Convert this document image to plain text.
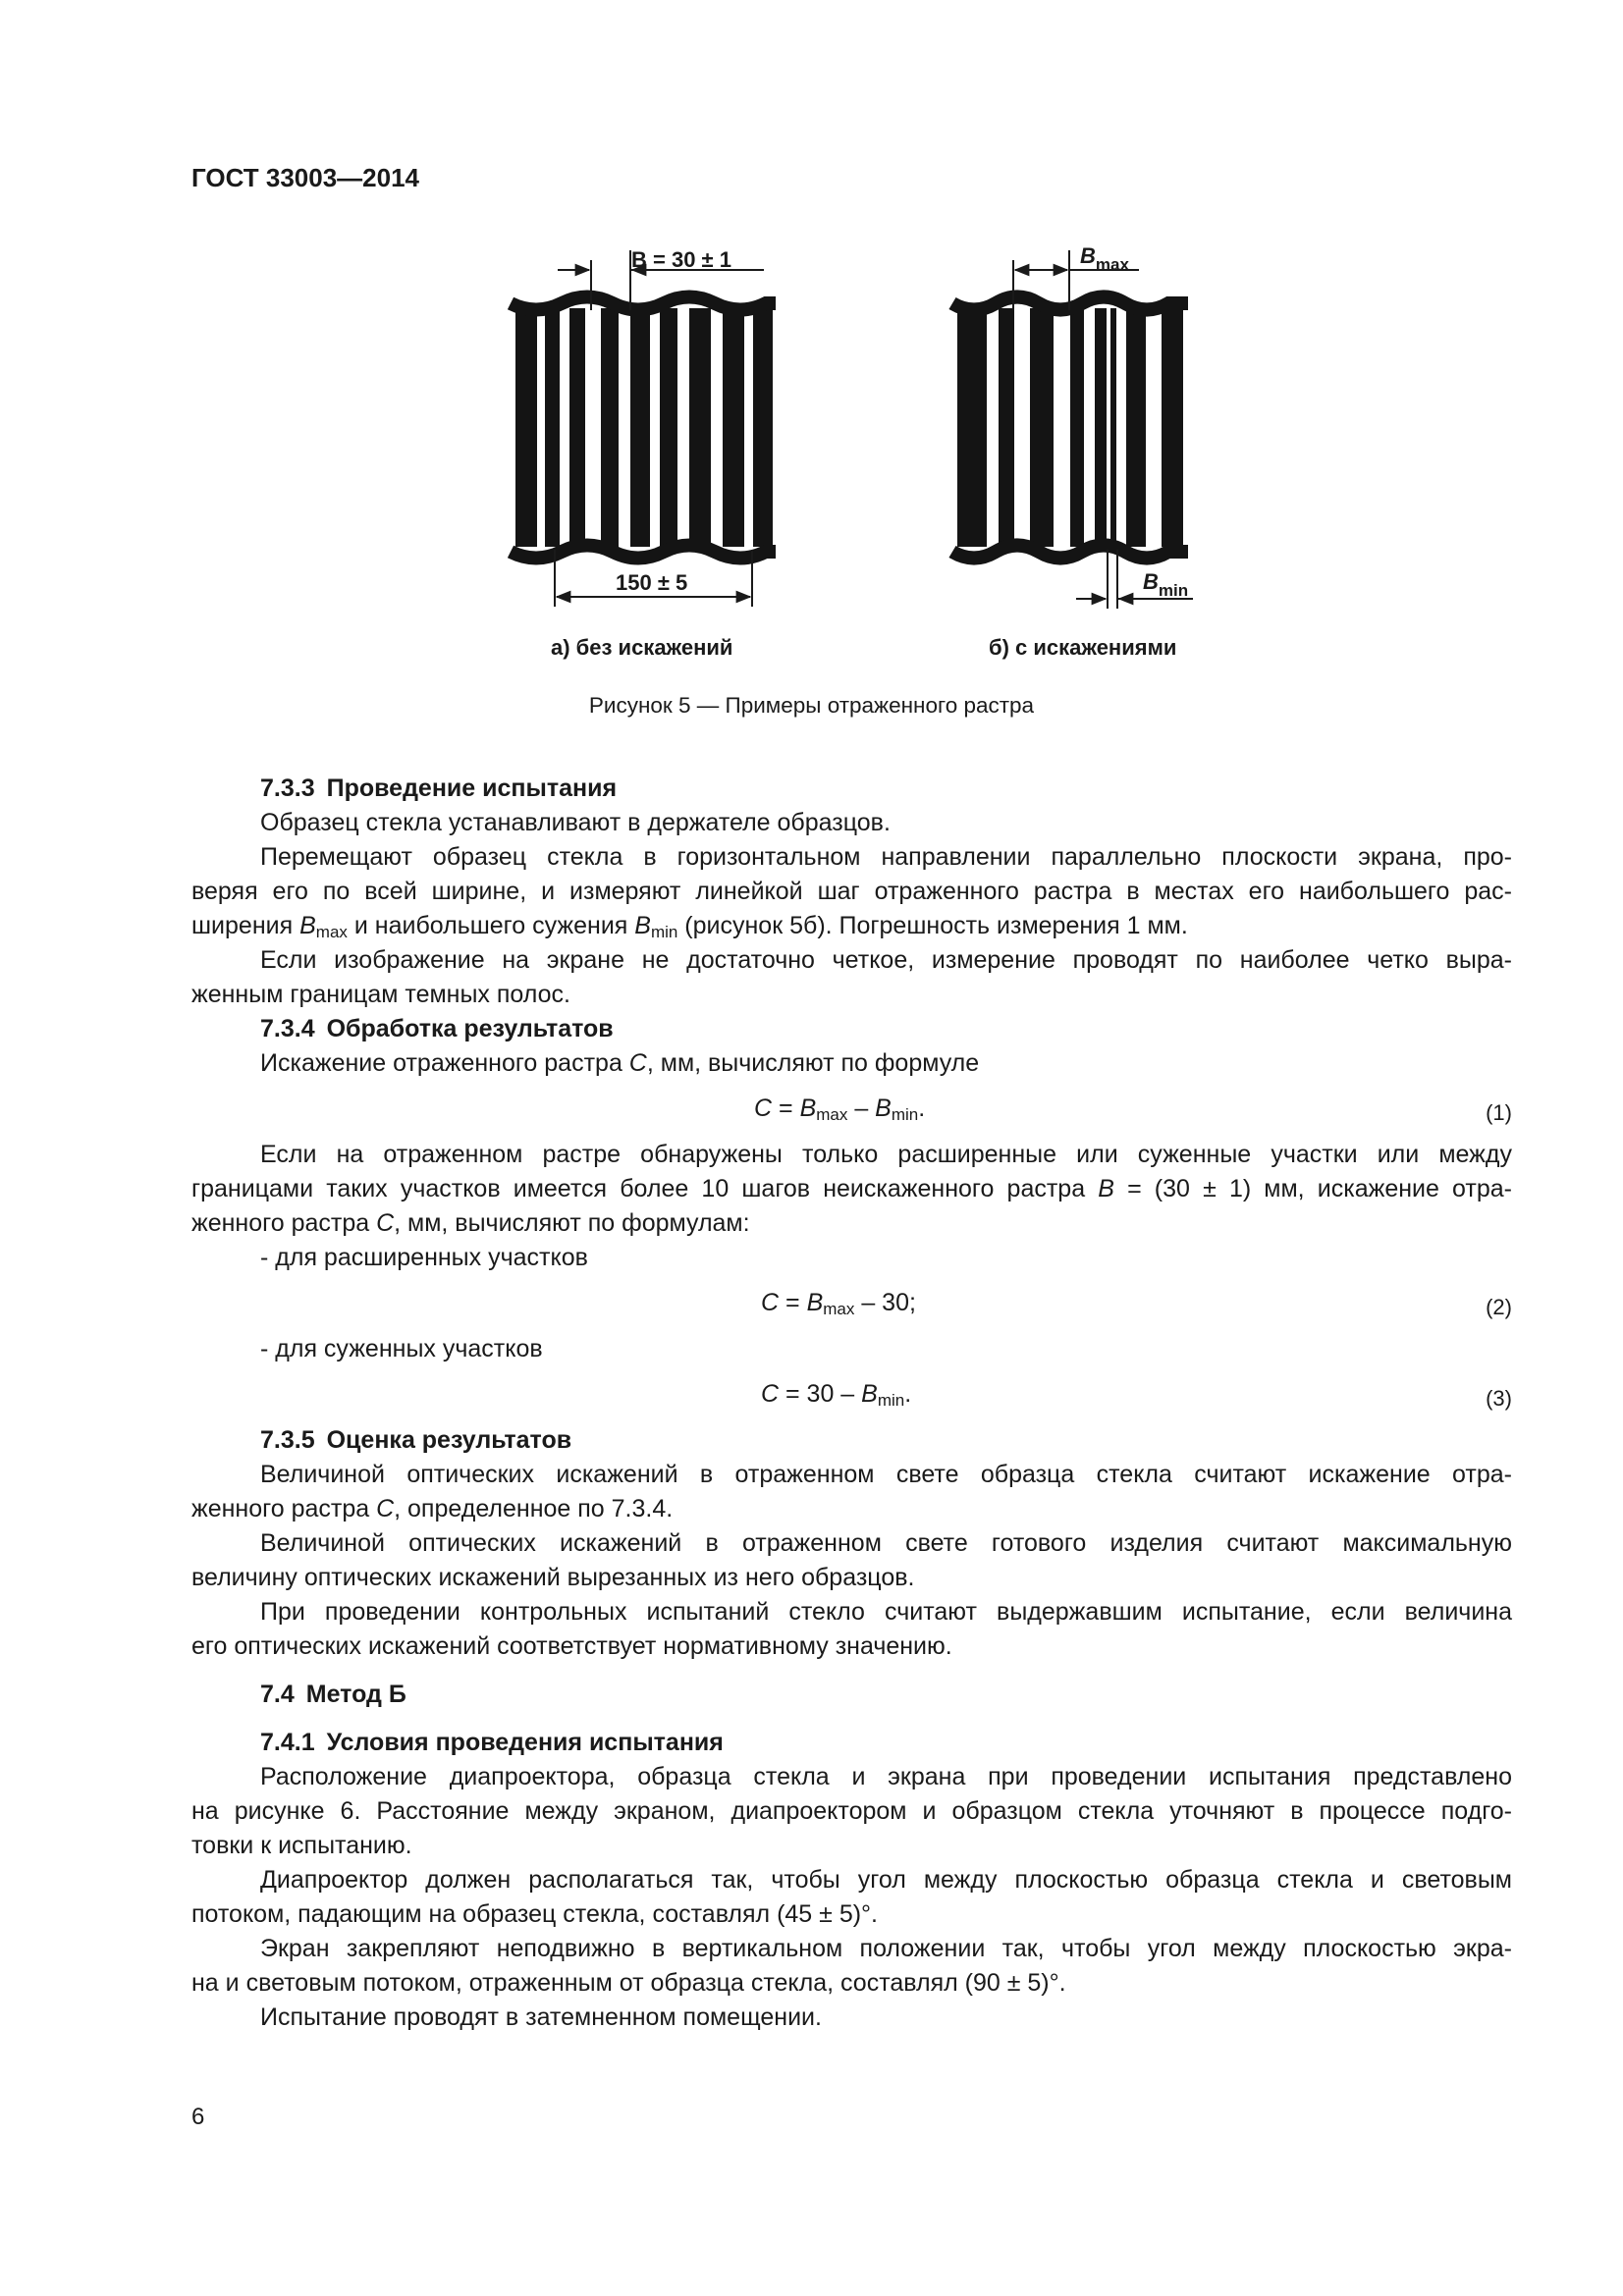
ГОСТ 33003—2014
B = 30 ± 1
150 ± 5
а) без искажений
$B_{max}$
$B_{min}$
б) с искажениями
Рисунок 5 — Примеры отраженного растра

7.3.3 Проведение испытания

Образец стекла устанавливают в держателе образцов.

Перемещают образец стекла в горизонтальном направлении параллельно плоскости экрана, про-

веряя его по всей ширине, и измеряют линейкой шаг отраженного растра в местах его наибольшего рас-

ширения $B_{max}$ и наибольшего сужения $B_{min}$ (рисунок 5б). Погрешность измерения 1 мм.

Если изображение на экране не достаточно четкое, измерение проводят по наиболее четко выра-

женным границам темных полос.

7.3.4 Обработка результатов

Искажение отраженного растра C, мм, вычисляют по формуле

$C = B_{max} - B_{min}$.	(1)

Если на отраженном растре обнаружены только расширенные или суженные участки или между

границами таких участков имеется более 10 шагов неискаженного растра B = (30 ± 1) мм, искажение отра-

женного растра C, мм, вычисляют по формулам:

- для расширенных участков

$C = B_{max} - 30$;	(2)

- для суженных участков

$C = 30 - B_{min}$.	(3)

7.3.5 Оценка результатов

Величиной оптических искажений в отраженном свете образца стекла считают искажение отра-

женного растра C, определенное по 7.3.4.

Величиной оптических искажений в отраженном свете готового изделия считают максимальную

величину оптических искажений вырезанных из него образцов.

При проведении контрольных испытаний стекло считают выдержавшим испытание, если величина

его оптических искажений соответствует нормативному значению.

7.4 Метод Б

7.4.1 Условия проведения испытания

Расположение диапроектора, образца стекла и экрана при проведении испытания представлено

на рисунке 6. Расстояние между экраном, диапроектором и образцом стекла уточняют в процессе подго-

товки к испытанию.

Диапроектор должен располагаться так, чтобы угол между плоскостью образца стекла и световым

потоком, падающим на образец стекла, составлял (45 ± 5)°.

Экран закрепляют неподвижно в вертикальном положении так, чтобы угол между плоскостью экра-

на и световым потоком, отраженным от образца стекла, составлял (90 ± 5)°.

Испытание проводят в затемненном помещении.

6
